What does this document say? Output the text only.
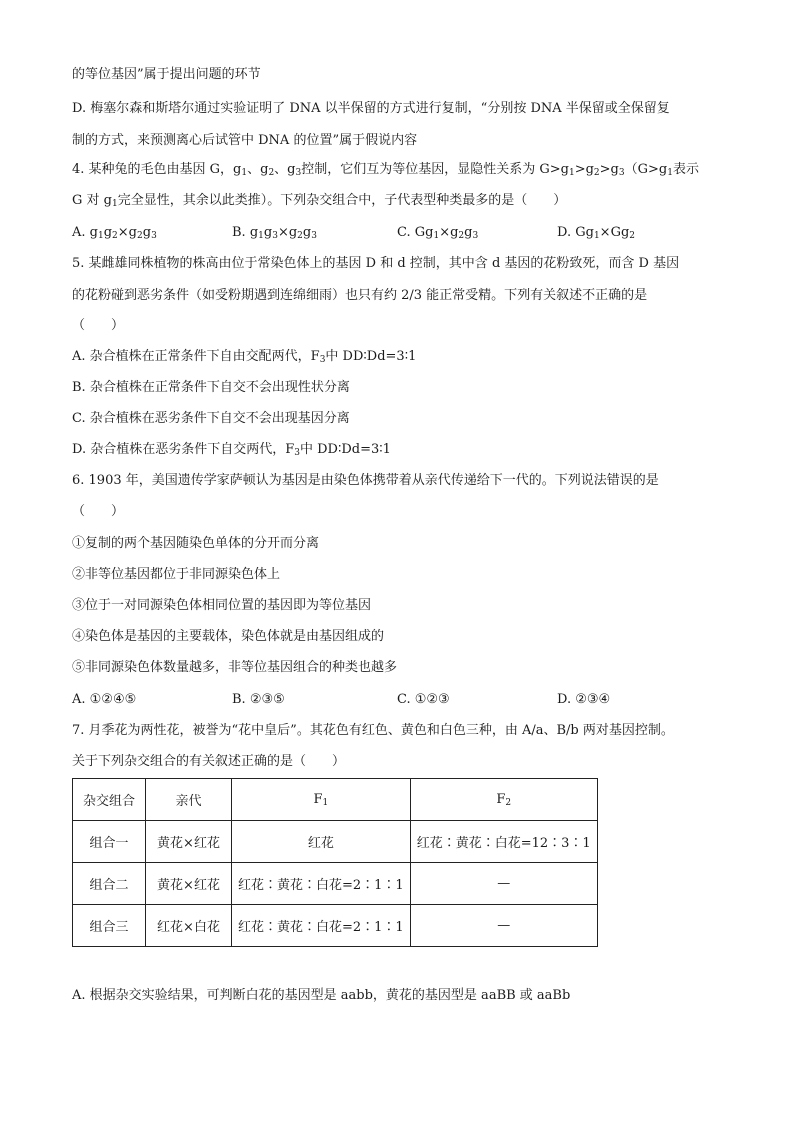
的等位基因”属于提出问题的环节
D. 梅塞尔森和斯塔尔通过实验证明了 DNA 以半保留的方式进行复制，“分别按 DNA 半保留或全保留复
制的方式，来预测离心后试管中 DNA 的位置”属于假说内容
4. 某种兔的毛色由基因 G，$g_1$、$g_2$、$g_3$控制，它们互为等位基因，显隐性关系为 $G>g_1>g_2>g_3(G>g_1$表示
G 对 $g_1$完全显性，其余以此类推）。下列杂交组合中，子代表型种类最多的是（　　）
A. $g_1g_2\times g_2g_3$	B. $g_1g_3\times g_2g_3$	C. $Gg_1\times g_2g_3$	D. $Gg_1\times Gg_2$
5. 某雌雄同株植物的株高由位于常染色体上的基因 D 和 d 控制，其中含 d 基因的花粉致死，而含 D 基因
的花粉碰到恶劣条件（如受粉期遇到连绵细雨）也只有约 2/3 能正常受精。下列有关叙述不正确的是
（　　）
A. 杂合植株在正常条件下自由交配两代，$F_3$中 DD∶Dd=3∶1
B. 杂合植株在正常条件下自交不会出现性状分离
C. 杂合植株在恶劣条件下自交不会出现基因分离
D. 杂合植株在恶劣条件下自交两代，$F_3$中 DD∶Dd=3∶1
6. 1903 年，美国遗传学家萨顿认为基因是由染色体携带着从亲代传递给下一代的。下列说法错误的是
（　　）
①复制的两个基因随染色单体的分开而分离
②非等位基因都位于非同源染色体上
③位于一对同源染色体相同位置的基因即为等位基因
④染色体是基因的主要载体，染色体就是由基因组成的
⑤非同源染色体数量越多，非等位基因组合的种类也越多
A. ①②④⑤	B. ②③⑤	C. ①②③	D. ②③④
7. 月季花为两性花，被誉为“花中皇后”。其花色有红色、黄色和白色三种，由 A/a、B/b 两对基因控制。
关于下列杂交组合的有关叙述正确的是（　　）
杂交组合	亲代	$F_1$	$F_2$
组合一	黄花×红花	红花	红花∶黄花∶白花=12∶3∶1
组合二	黄花×红花	红花∶黄花∶白花=2∶1∶1	—
组合三	红花×白花	红花∶黄花∶白花=2∶1∶1	—
A. 根据杂交实验结果，可判断白花的基因型是 aabb，黄花的基因型是 aaBB 或 aaBb
